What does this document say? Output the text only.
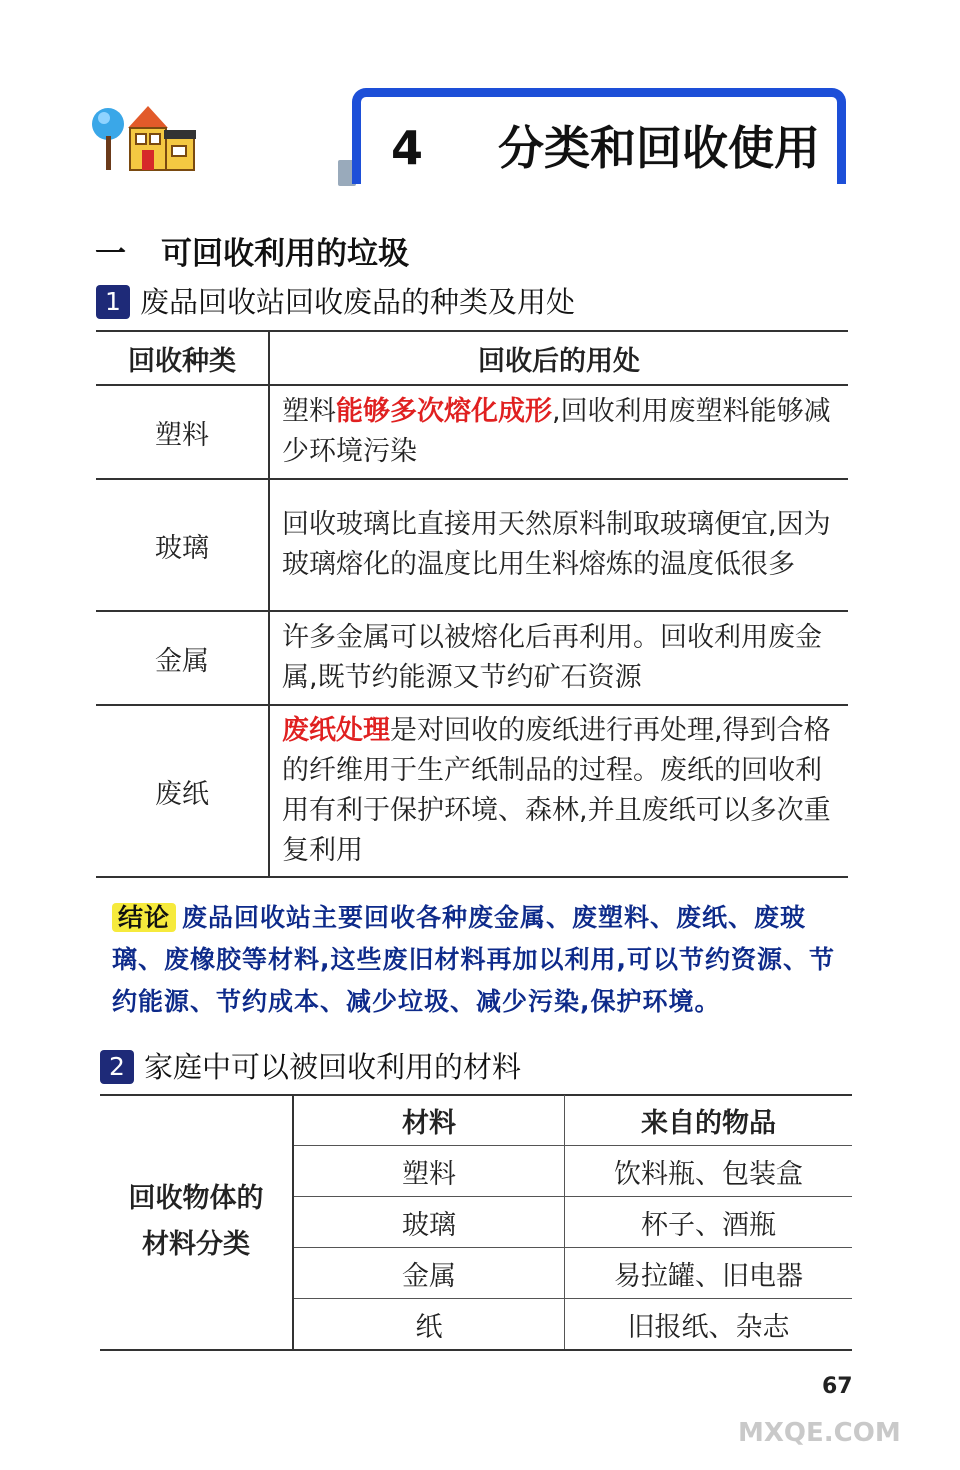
4 分类和回收使用
一 可回收利用的垃圾
1 废品回收站回收废品的种类及用处
回收种类	回收后的用处
塑料	塑料能够多次熔化成形,回收利用废塑料能够减少环境污染
玻璃	回收玻璃比直接用天然原料制取玻璃便宜,因为玻璃熔化的温度比用生料熔炼的温度低很多
金属	许多金属可以被熔化后再利用。回收利用废金属,既节约能源又节约矿石资源
废纸	废纸处理是对回收的废纸进行再处理,得到合格的纤维用于生产纸制品的过程。废纸的回收利用有利于保护环境、森林,并且废纸可以多次重复利用
结论 废品回收站主要回收各种废金属、废塑料、废纸、废玻璃、废橡胶等材料,这些废旧材料再加以利用,可以节约资源、节约能源、节约成本、减少垃圾、减少污染,保护环境。
2 家庭中可以被回收利用的材料
回收物体的材料分类	材料	来自的物品
	塑料	饮料瓶、包装盒
	玻璃	杯子、酒瓶
	金属	易拉罐、旧电器
	纸	旧报纸、杂志
67
MXQE.COM
